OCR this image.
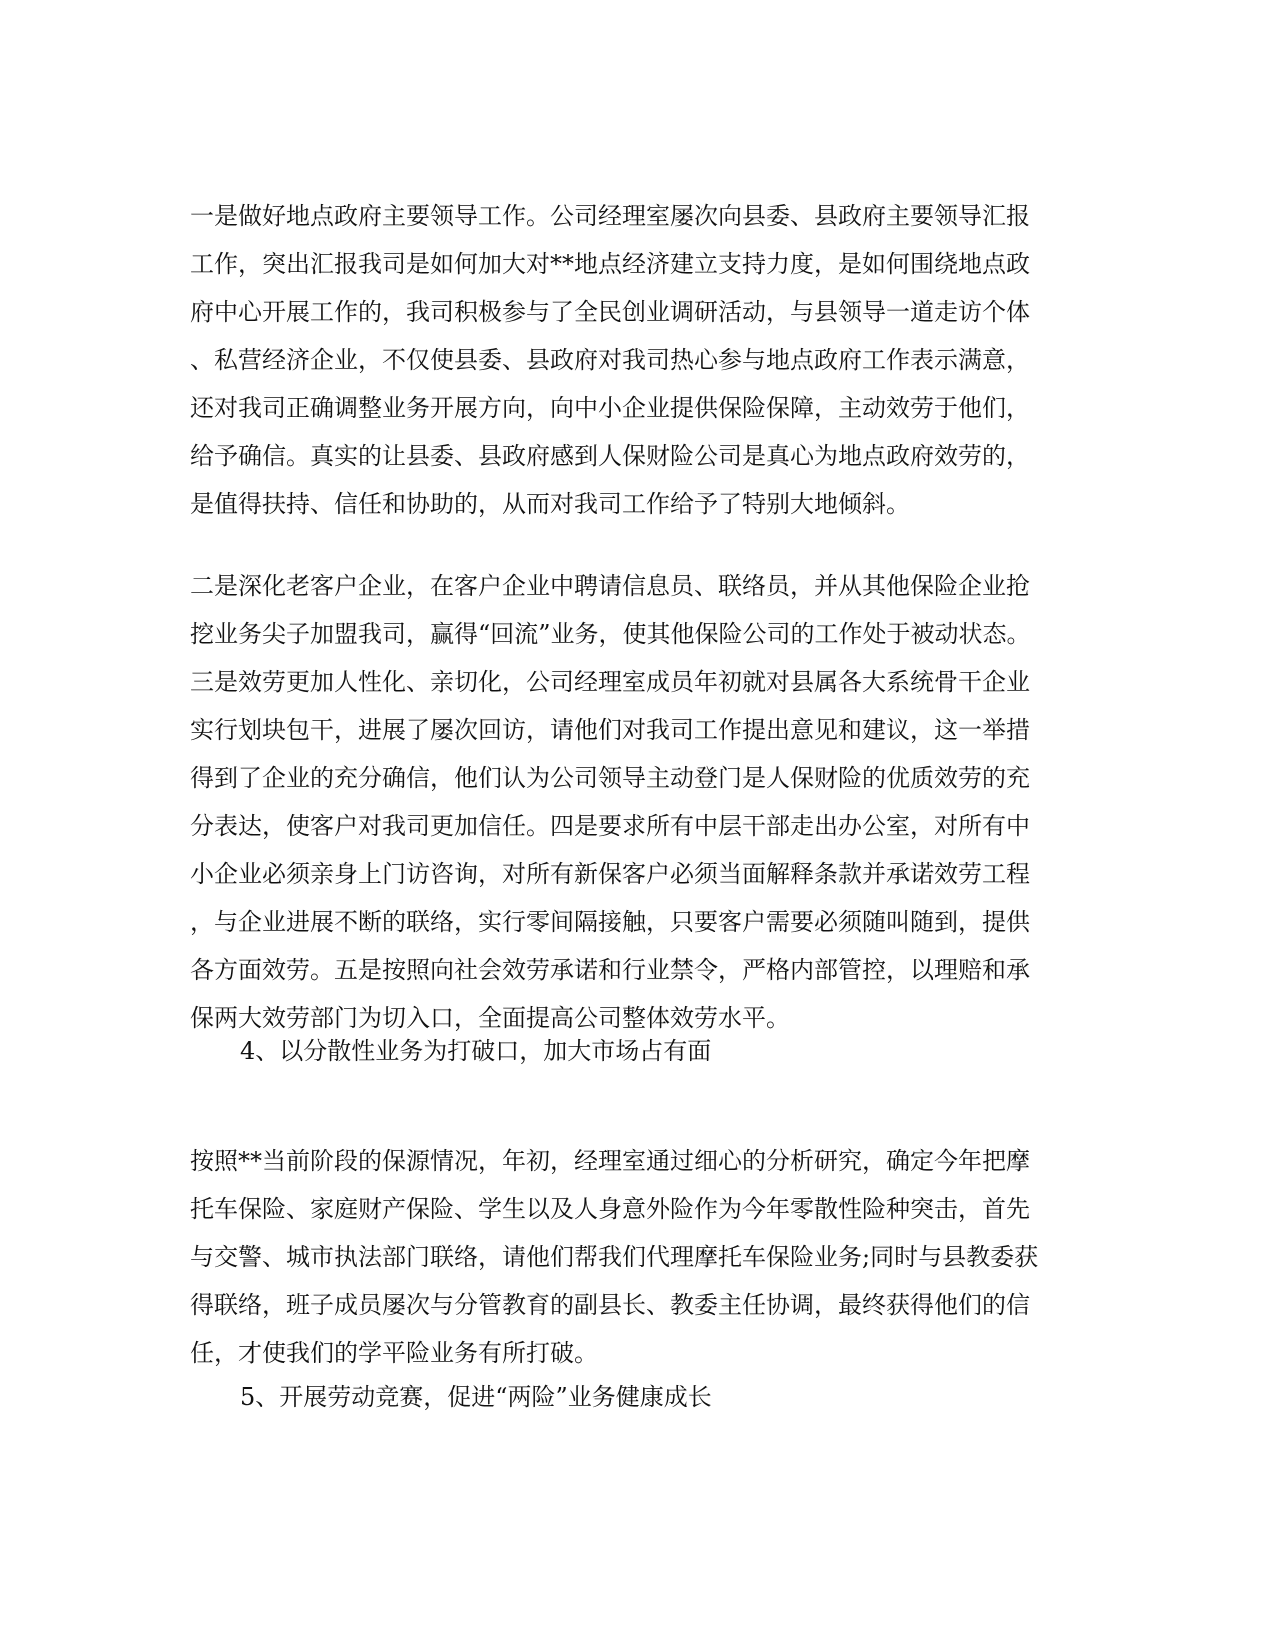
一是做好地点政府主要领导工作。公司经理室屡次向县委、县政府主要领导汇报
工作，突出汇报我司是如何加大对**地点经济建立支持力度，是如何围绕地点政
府中心开展工作的，我司积极参与了全民创业调研活动，与县领导一道走访个体
、私营经济企业，不仅使县委、县政府对我司热心参与地点政府工作表示满意，
还对我司正确调整业务开展方向，向中小企业提供保险保障，主动效劳于他们，
给予确信。真实的让县委、县政府感到人保财险公司是真心为地点政府效劳的，
是值得扶持、信任和协助的，从而对我司工作给予了特别大地倾斜。
二是深化老客户企业，在客户企业中聘请信息员、联络员，并从其他保险企业抢
挖业务尖子加盟我司，赢得“回流”业务，使其他保险公司的工作处于被动状态。
三是效劳更加人性化、亲切化，公司经理室成员年初就对县属各大系统骨干企业
实行划块包干，进展了屡次回访，请他们对我司工作提出意见和建议，这一举措
得到了企业的充分确信，他们认为公司领导主动登门是人保财险的优质效劳的充
分表达，使客户对我司更加信任。四是要求所有中层干部走出办公室，对所有中
小企业必须亲身上门访咨询，对所有新保客户必须当面解释条款并承诺效劳工程
，与企业进展不断的联络，实行零间隔接触，只要客户需要必须随叫随到，提供
各方面效劳。五是按照向社会效劳承诺和行业禁令，严格内部管控，以理赔和承
保两大效劳部门为切入口，全面提高公司整体效劳水平。
4、以分散性业务为打破口，加大市场占有面
按照**当前阶段的保源情况，年初，经理室通过细心的分析研究，确定今年把摩
托车保险、家庭财产保险、学生以及人身意外险作为今年零散性险种突击，首先
与交警、城市执法部门联络，请他们帮我们代理摩托车保险业务;同时与县教委获
得联络，班子成员屡次与分管教育的副县长、教委主任协调，最终获得他们的信
任，才使我们的学平险业务有所打破。
5、开展劳动竞赛，促进“两险”业务健康成长
